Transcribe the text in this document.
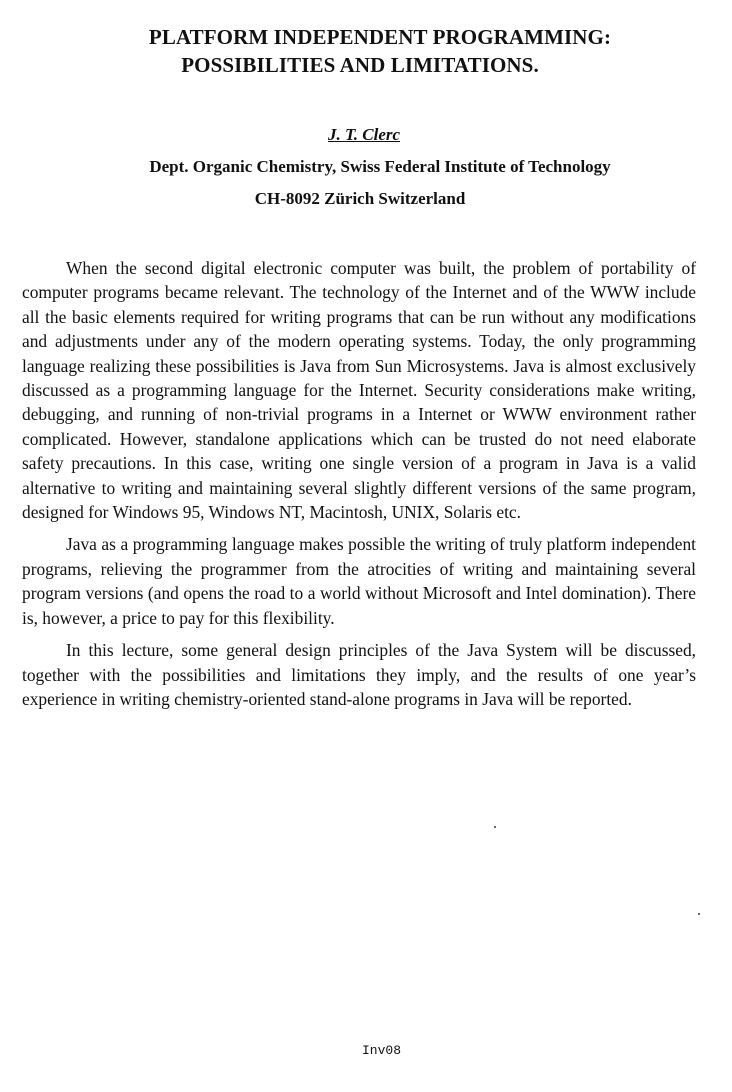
PLATFORM INDEPENDENT PROGRAMMING:
POSSIBILITIES AND LIMITATIONS.

J. T. Clerc

Dept. Organic Chemistry, Swiss Federal Institute of Technology

CH-8092 Zürich Switzerland

When the second digital electronic computer was built, the problem of portability of computer programs became relevant. The technology of the Internet and of the WWW include all the basic elements required for writing programs that can be run without any modifications and adjustments under any of the modern operating systems. Today, the only programming language realizing these possibilities is Java from Sun Microsystems. Java is almost exclusively discussed as a programming language for the Internet. Security considerations make writing, debugging, and running of non-trivial programs in a Internet or WWW environment rather complicated. However, standalone applications which can be trusted do not need elaborate safety precautions. In this case, writing one single version of a program in Java is a valid alternative to writing and maintaining several slightly different versions of the same program, designed for Windows 95, Windows NT, Macintosh, UNIX, Solaris etc.

Java as a programming language makes possible the writing of truly platform independent programs, relieving the programmer from the atrocities of writing and maintaining several program versions (and opens the road to a world without Microsoft and Intel domination). There is, however, a price to pay for this flexibility.

In this lecture, some general design principles of the Java System will be discussed, together with the possibilities and limitations they imply, and the results of one year’s experience in writing chemistry-oriented stand-alone programs in Java will be reported.

Inv08
